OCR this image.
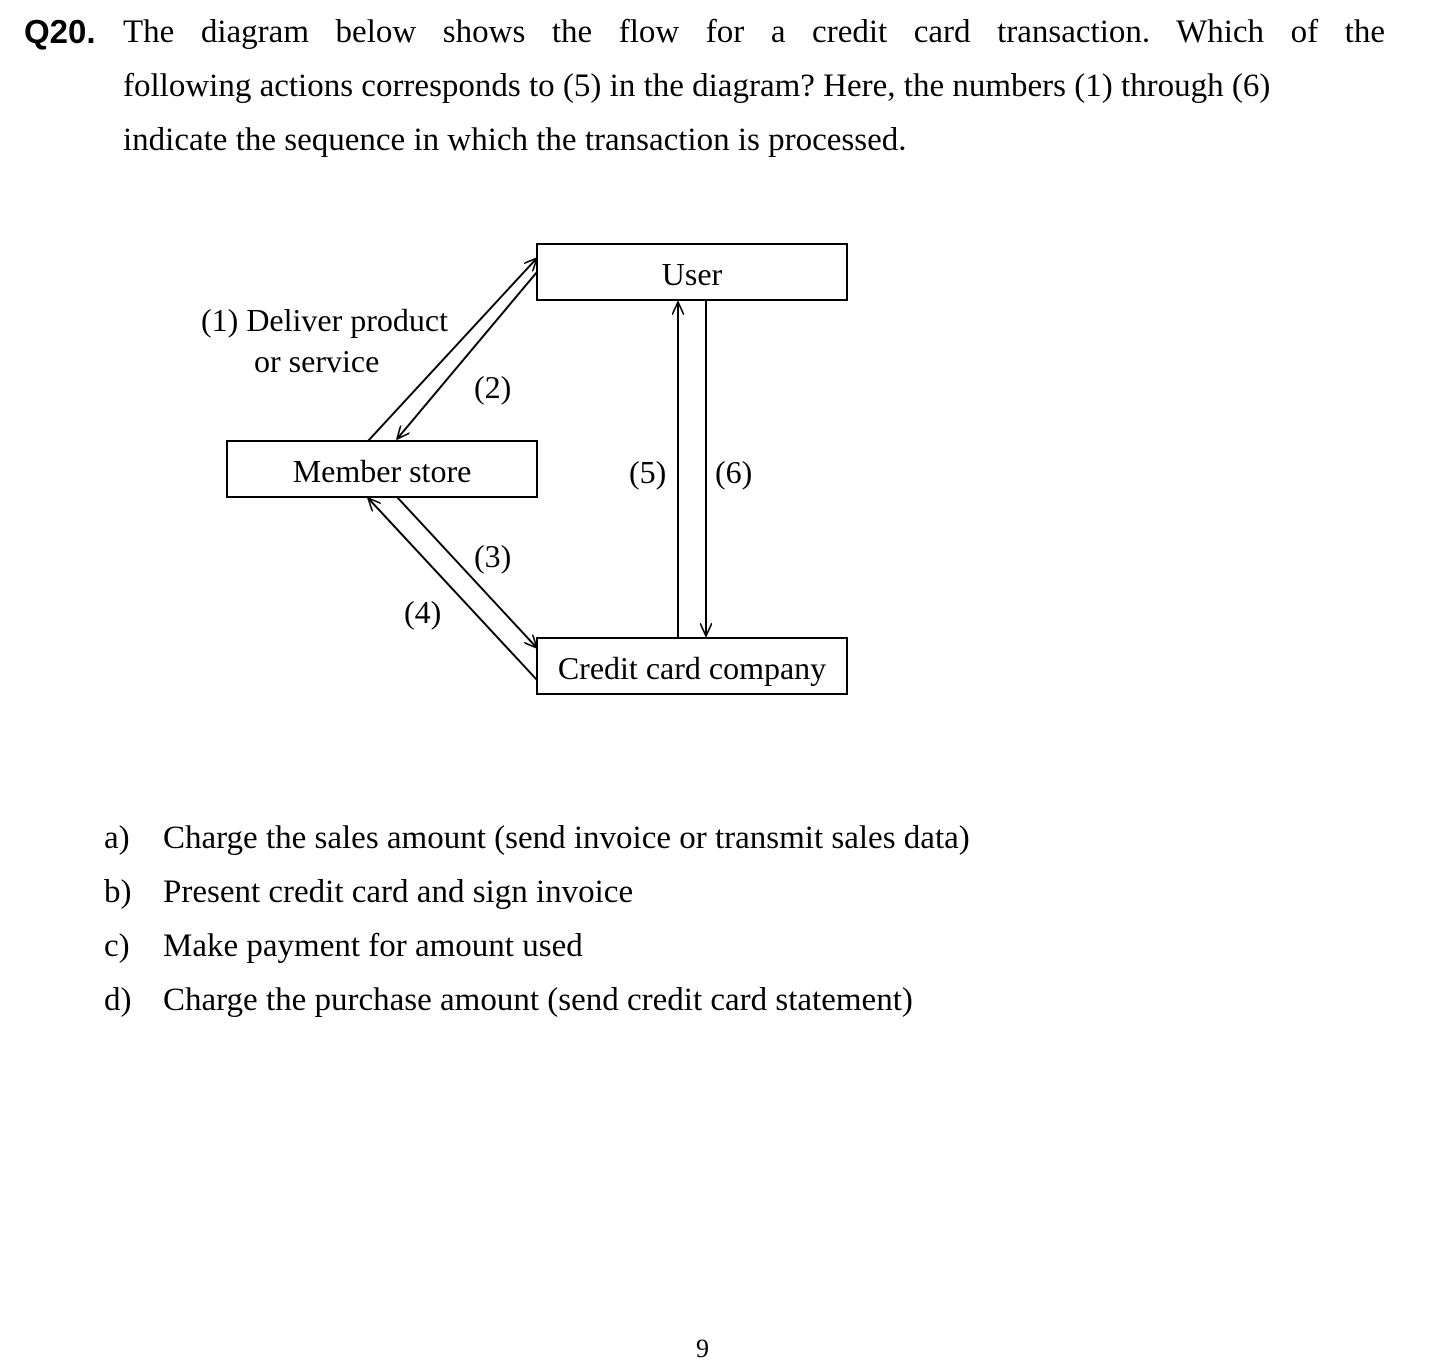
Q20. The diagram below shows the flow for a credit card transaction. Which of the
following actions corresponds to (5) in the diagram? Here, the numbers (1) through (6)
indicate the sequence in which the transaction is processed.
User
Member store
Credit card company
(1) Deliver product
or service
(2)
(3)
(4)
(5) (6)
a) Charge the sales amount (send invoice or transmit sales data)
b) Present credit card and sign invoice
c) Make payment for amount used
d) Charge the purchase amount (send credit card statement)
9
